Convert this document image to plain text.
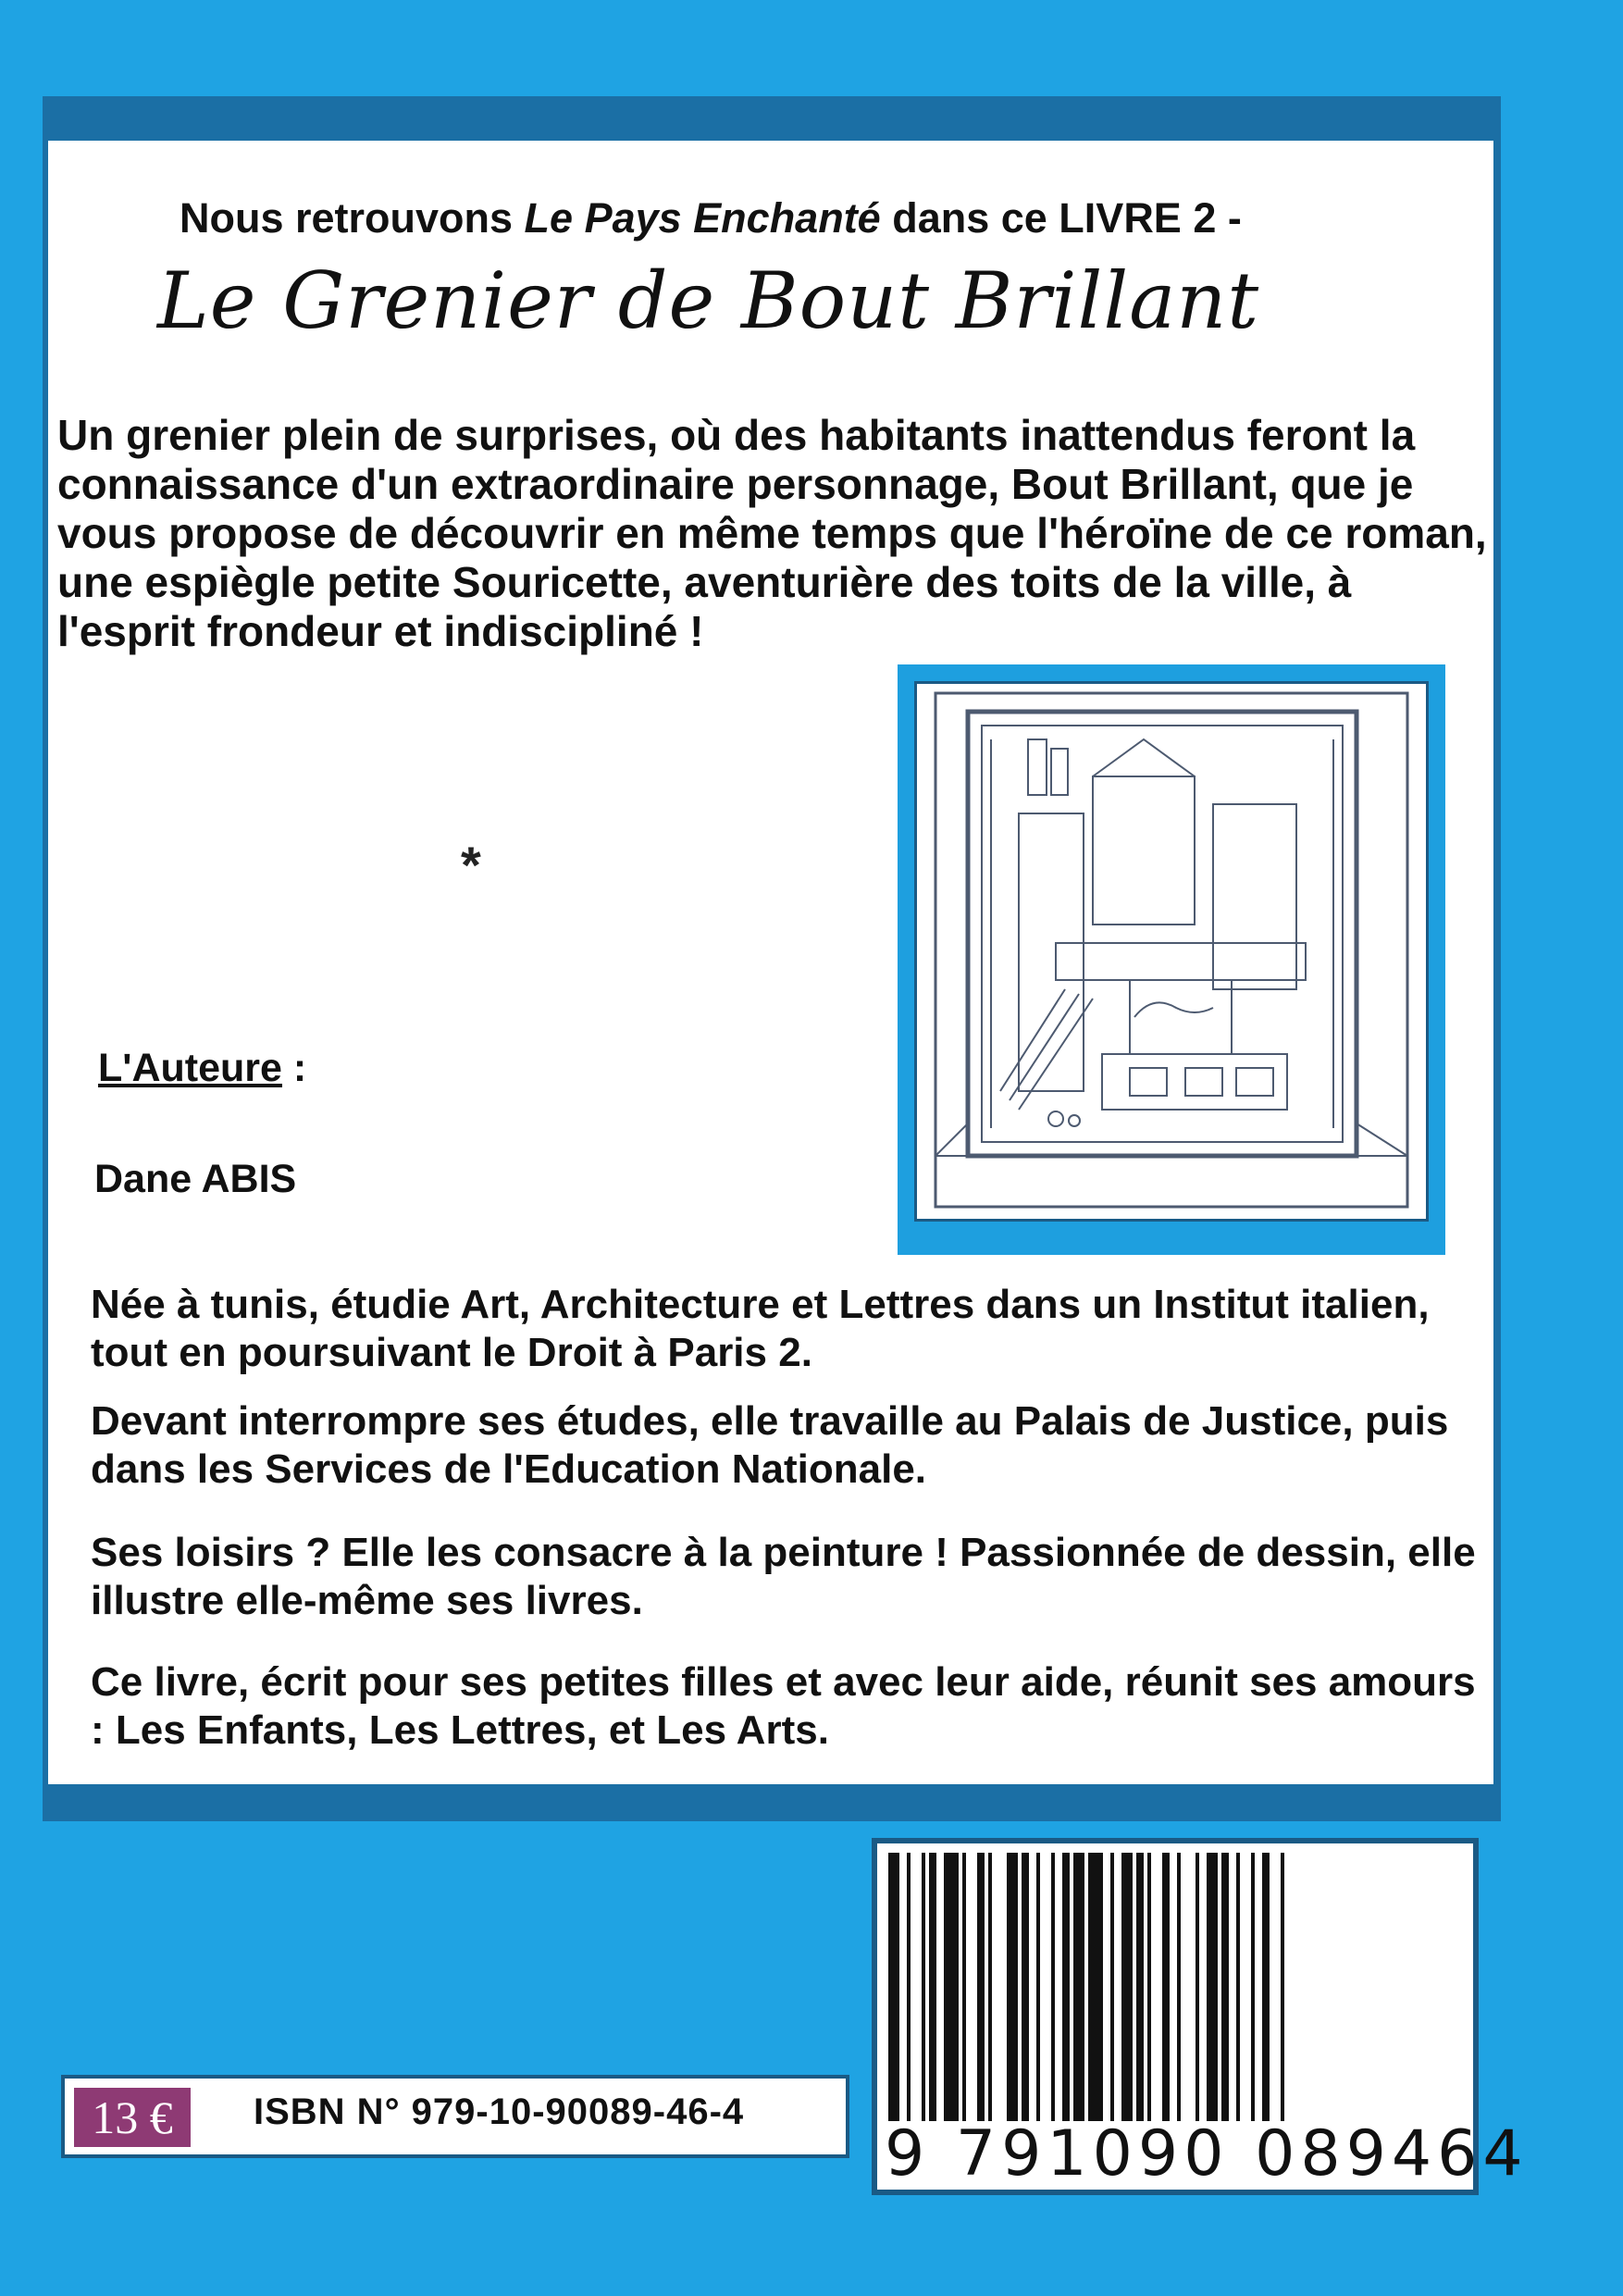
Nous retrouvons Le Pays Enchanté dans ce LIVRE 2 -
Le Grenier de Bout Brillant

Un grenier plein de surprises, où des habitants inattendus feront la connaissance d'un extraordinaire personnage, Bout Brillant, que je vous propose de découvrir en même temps que l'héroïne de ce roman, une espiègle petite Souricette, aventurière des toits de la ville, à l'esprit frondeur et indiscipliné !

*
L'Auteure :
Dane ABIS

Née à tunis, étudie Art, Architecture et Lettres dans un Institut italien, tout en poursuivant le Droit à Paris 2.

Devant interrompre ses études, elle travaille au Palais de Justice, puis dans les Services de l'Education Nationale.

Ses loisirs ? Elle les consacre à la peinture ! Passionnée de dessin, elle illustre elle-même ses livres.

Ce livre, écrit pour ses petites filles et avec leur aide, réunit ses amours : Les Enfants, Les Lettres, et Les Arts.

9 791090 089464
13 €	ISBN N° 979-10-90089-46-4
